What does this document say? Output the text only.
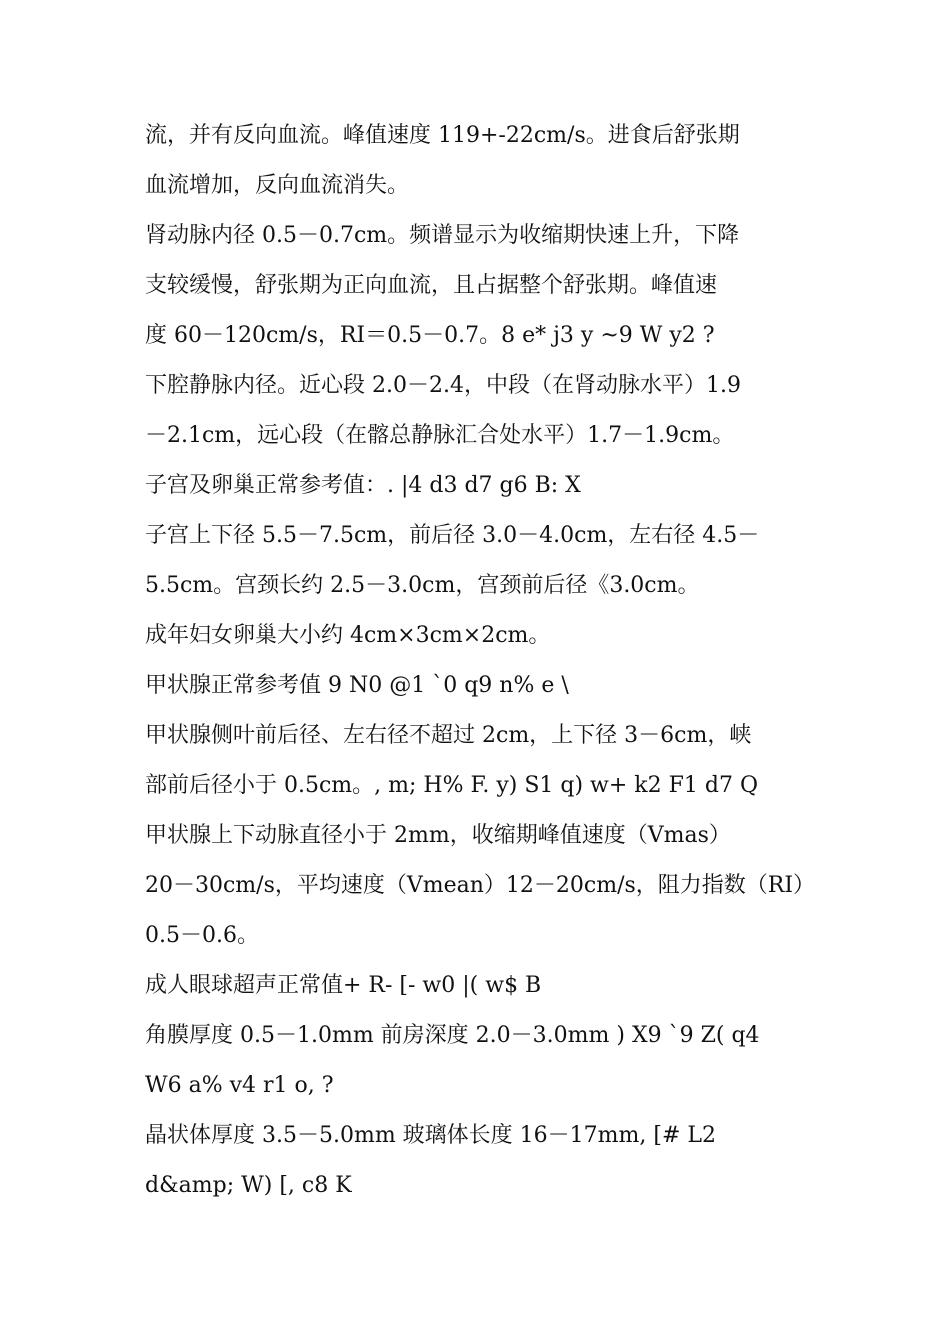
流，并有反向血流。峰值速度 119+-22cm/s。进食后舒张期
血流增加，反向血流消失。
肾动脉内径 0.5－0.7cm。频谱显示为收缩期快速上升，下降
支较缓慢，舒张期为正向血流，且占据整个舒张期。峰值速
度 60－120cm/s，RI＝0.5－0.7。8 e* j3 y ~9 W y2 ?
下腔静脉内径。近心段 2.0－2.4，中段（在肾动脉水平）1.9
－2.1cm，远心段（在髂总静脉汇合处水平）1.7－1.9cm。
子宫及卵巢正常参考值：. |4 d3 d7 g6 B: X
子宫上下径 5.5－7.5cm，前后径 3.0－4.0cm，左右径 4.5－
5.5cm。宫颈长约 2.5－3.0cm，宫颈前后径《3.0cm。
成年妇女卵巢大小约 4cm×3cm×2cm。
甲状腺正常参考值 9 N0 @1 `0 q9 n% e \
甲状腺侧叶前后径、左右径不超过 2cm，上下径 3－6cm，峡
部前后径小于 0.5cm。, m; H% F. y) S1 q) w+ k2 F1 d7 Q
甲状腺上下动脉直径小于 2mm，收缩期峰值速度（Vmas）
20－30cm/s，平均速度（Vmean）12－20cm/s，阻力指数（RI）
0.5－0.6。
成人眼球超声正常值+ R- [- w0 |( w$ B
角膜厚度 0.5－1.0mm 前房深度 2.0－3.0mm ) X9 `9 Z( q4
W6 a% v4 r1 o, ?
晶状体厚度 3.5－5.0mm 玻璃体长度 16－17mm, [# L2
d&amp; W) [, c8 K
